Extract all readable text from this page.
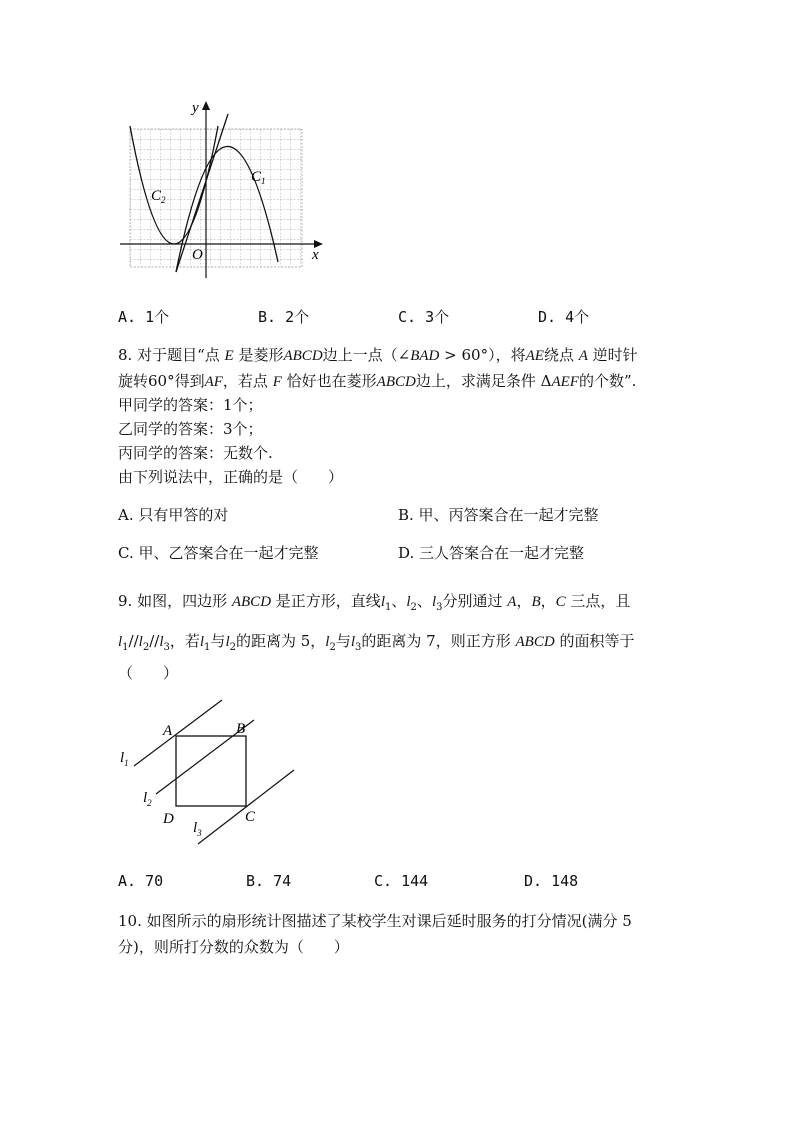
y
x
O
$C_1$
$C_2$
A. 1个	B. 2个	C. 3个	D. 4个
8. 对于题目“点 E 是菱形ABCD边上一点（∠BAD > 60°），将AE绕点 A 逆时针
旋转60°得到AF，若点 F 恰好也在菱形ABCD边上，求满足条件 ΔAEF的个数”.
甲同学的答案：1个；
乙同学的答案：3个；
丙同学的答案：无数个.
由下列说法中，正确的是（　　）
A. 只有甲答的对	B. 甲、丙答案合在一起才完整
C. 甲、乙答案合在一起才完整	D. 三人答案合在一起才完整
9. 如图，四边形 ABCD 是正方形，直线$l_1$、$l_2$、$l_3$分别通过 A，B，C 三点，且
$l_1//l_2//l_3$，若$l_1$与$l_2$的距离为 5，$l_2$与$l_3$的距离为 7，则正方形 ABCD 的面积等于
（　　）
A	B
C
D
$l_1$
$l_2$
$l_3$
A. 70	B. 74	C. 144	D. 148
10. 如图所示的扇形统计图描述了某校学生对课后延时服务的打分情况(满分 5
分)，则所打分数的众数为（　　）
